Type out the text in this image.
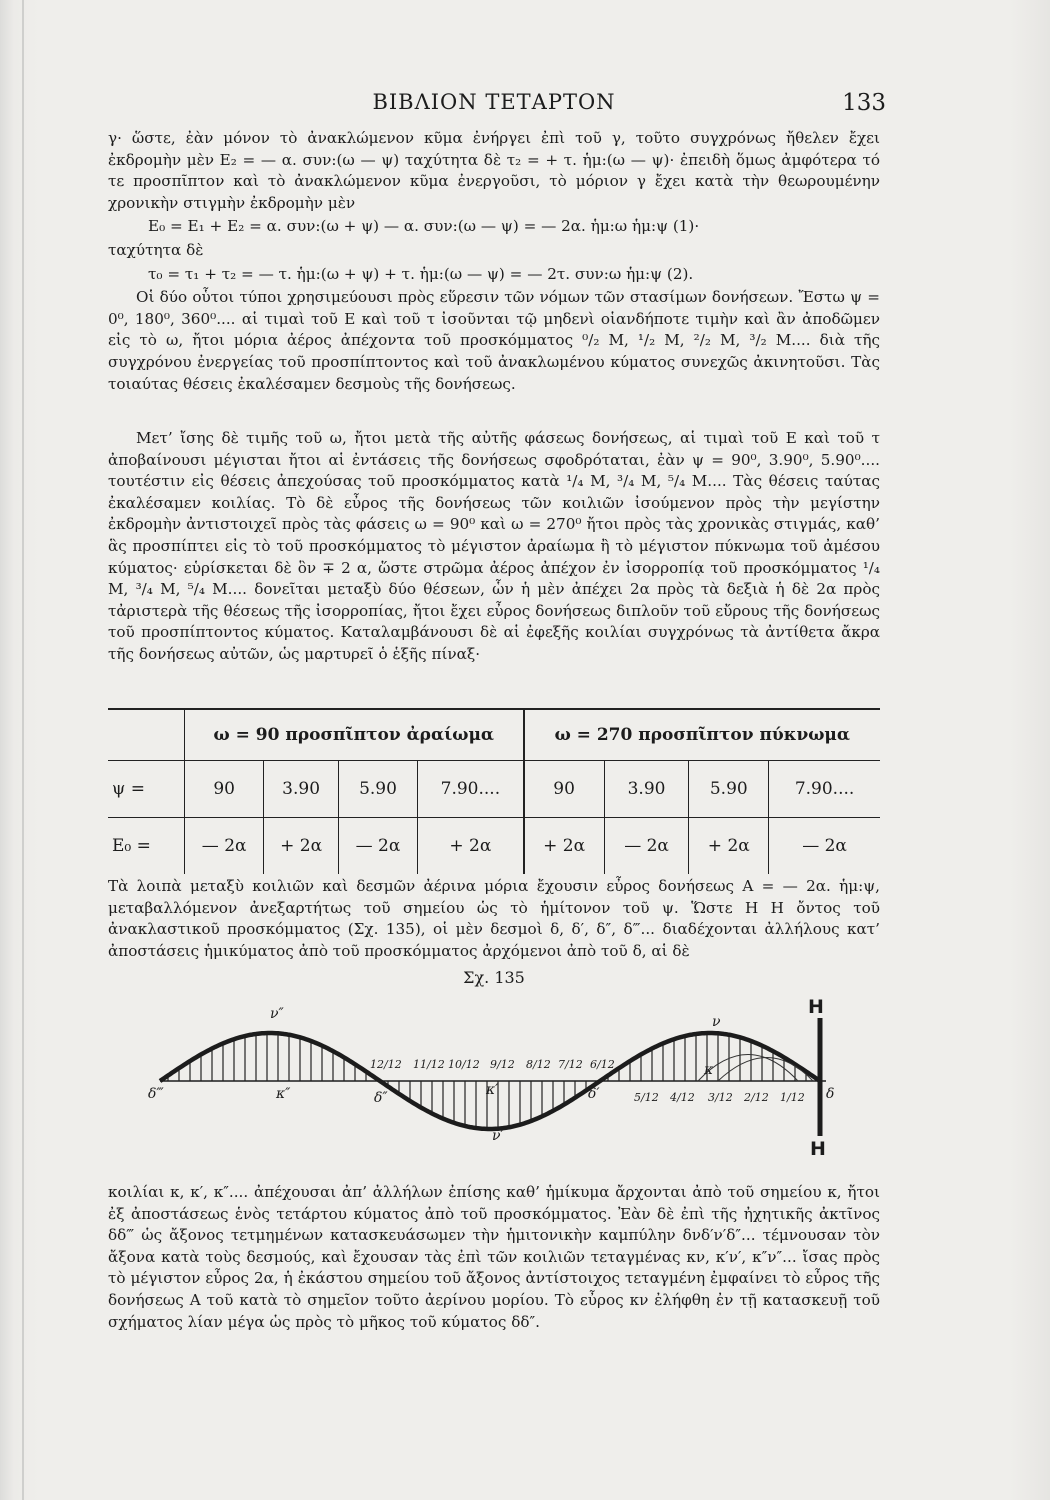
ΒΙΒΛΙΟΝ ΤΕΤΑΡΤΟΝ	133

γ· ὥστε, ἐὰν μόνον τὸ ἀνακλώμενον κῦμα ἐνήργει ἐπὶ τοῦ γ, τοῦτο συγχρόνως ἤθελεν ἔχει ἐκδρομὴν μὲν E₂ = — α. συν:(ω — ψ) ταχύτητα δὲ τ₂ = + τ. ἡμ:(ω — ψ)· ἐπειδὴ ὅμως ἀμφότερα τό τε προσπῖπτον καὶ τὸ ἀνακλώμενον κῦμα ἐνεργοῦσι, τὸ μόριον γ ἔχει κατὰ τὴν θεωρουμένην χρονικὴν στιγμὴν ἐκδρομὴν μὲν

E₀ = E₁ + E₂ = α. συν:(ω + ψ) — α. συν:(ω — ψ) = — 2α. ἡμ:ω ἡμ:ψ (1)·

ταχύτητα δὲ

τ₀ = τ₁ + τ₂ = — τ. ἡμ:(ω + ψ) + τ. ἡμ:(ω — ψ) = — 2τ. συν:ω ἡμ:ψ (2).

Οἱ δύο οὗτοι τύποι χρησιμεύουσι πρὸς εὕρεσιν τῶν νόμων τῶν στασίμων δονήσεων. Ἔστω ψ = 0⁰, 180⁰, 360⁰.... αἱ τιμαὶ τοῦ E καὶ τοῦ τ ἰσοῦνται τῷ μηδενὶ οἱανδήποτε τιμὴν καὶ ἂν ἀποδῶμεν εἰς τὸ ω, ἤτοι μόρια ἀέρος ἀπέχοντα τοῦ προσκόμματος ⁰/₂ M, ¹/₂ M, ²/₂ M, ³/₂ M.... διὰ τῆς συγχρόνου ἐνεργείας τοῦ προσπίπτοντος καὶ τοῦ ἀνακλωμένου κύματος συνεχῶς ἀκινητοῦσι. Τὰς τοιαύτας θέσεις ἐκαλέσαμεν δεσμοὺς τῆς δονήσεως.

Μετ’ ἴσης δὲ τιμῆς τοῦ ω, ἤτοι μετὰ τῆς αὐτῆς φάσεως δονήσεως, αἱ τιμαὶ τοῦ E καὶ τοῦ τ ἀποβαίνουσι μέγισται ἤτοι αἱ ἐντάσεις τῆς δονήσεως σφοδρόταται, ἐὰν ψ = 90⁰, 3.90⁰, 5.90⁰.... τουτέστιν εἰς θέσεις ἀπεχούσας τοῦ προσκόμματος κατὰ ¹/₄ M, ³/₄ M, ⁵/₄ M.... Τὰς θέσεις ταύτας ἐκαλέσαμεν κοιλίας. Τὸ δὲ εὖρος τῆς δονήσεως τῶν κοιλιῶν ἰσούμενον πρὸς τὴν μεγίστην ἐκδρομὴν ἀντιστοιχεῖ πρὸς τὰς φάσεις ω = 90⁰ καὶ ω = 270⁰ ἤτοι πρὸς τὰς χρονικὰς στιγμάς, καθ’ ἃς προσπίπτει εἰς τὸ τοῦ προσκόμματος τὸ μέγιστον ἀραίωμα ἢ τὸ μέγιστον πύκνωμα τοῦ ἀμέσου κύματος· εὑρίσκεται δὲ ὃν ∓ 2 α, ὥστε στρῶμα ἀέρος ἀπέχον ἐν ἰσορροπίᾳ τοῦ προσκόμματος ¹/₄ M, ³/₄ M, ⁵/₄ M.... δονεῖται μεταξὺ δύο θέσεων, ὧν ἡ μὲν ἀπέχει 2α πρὸς τὰ δεξιὰ ἡ δὲ 2α πρὸς τἀριστερὰ τῆς θέσεως τῆς ἰσορροπίας, ἤτοι ἔχει εὖρος δονήσεως διπλοῦν τοῦ εὔρους τῆς δονήσεως τοῦ προσπίπτοντος κύματος. Καταλαμβάνουσι δὲ αἱ ἐφεξῆς κοιλίαι συγχρόνως τὰ ἀντίθετα ἄκρα τῆς δονήσεως αὐτῶν, ὡς μαρτυρεῖ ὁ ἑξῆς πίναξ·

	ω = 90 προσπῖπτον ἀραίωμα				ω = 270 προσπῖπτον πύκνωμα			
ψ =	90	3.90	5.90	7.90....	90	3.90	5.90	7.90....
E₀ =	— 2α	+ 2α	— 2α	+ 2α	+ 2α	— 2α	+ 2α	— 2α

Τὰ λοιπὰ μεταξὺ κοιλιῶν καὶ δεσμῶν ἀέρινα μόρια ἔχουσιν εὖρος δονήσεως A = — 2α. ἡμ:ψ, μεταβαλλόμενον ἀνεξαρτήτως τοῦ σημείου ὡς τὸ ἡμίτονον τοῦ ψ. Ὥστε H H ὄντος τοῦ ἀνακλαστικοῦ προσκόμματος (Σχ. 135), οἱ μὲν δεσμοὶ δ, δ′, δ″, δ‴... διαδέχονται ἀλλήλους κατ’ ἀποστάσεις ἡμικύματος ἀπὸ τοῦ προσκόμματος ἀρχόμενοι ἀπὸ τοῦ δ, αἱ δὲ

Σχ. 135
H
H
δ‴	δ″	δ′	δ
κ″	κ′
κ
ν″
ν′
ν
12/12 11/12 10/12 9/12 8/12 7/12 6/12
5/12 4/12 3/12 2/12 1/12

κοιλίαι κ, κ′, κ″.... ἀπέχουσαι ἀπ’ ἀλλήλων ἐπίσης καθ’ ἡμίκυμα ἄρχονται ἀπὸ τοῦ σημείου κ, ἤτοι ἐξ ἀποστάσεως ἑνὸς τετάρτου κύματος ἀπὸ τοῦ προσκόμματος. Ἐὰν δὲ ἐπὶ τῆς ἠχητικῆς ἀκτῖνος δδ‴ ὡς ἄξονος τετμημένων κατασκευάσωμεν τὴν ἡμιτονικὴν καμπύλην δνδ′ν′δ″... τέμνουσαν τὸν ἄξονα κατὰ τοὺς δεσμούς, καὶ ἔχουσαν τὰς ἐπὶ τῶν κοιλιῶν τεταγμένας κν, κ′ν′, κ″ν″... ἴσας πρὸς τὸ μέγιστον εὖρος 2α, ἡ ἐκάστου σημείου τοῦ ἄξονος ἀντίστοιχος τεταγμένη ἐμφαίνει τὸ εὖρος τῆς δονήσεως A τοῦ κατὰ τὸ σημεῖον τοῦτο ἀερίνου μορίου. Τὸ εὖρος κν ἐλήφθη ἐν τῇ κατασκευῇ τοῦ σχήματος λίαν μέγα ὡς πρὸς τὸ μῆκος τοῦ κύματος δδ″.
